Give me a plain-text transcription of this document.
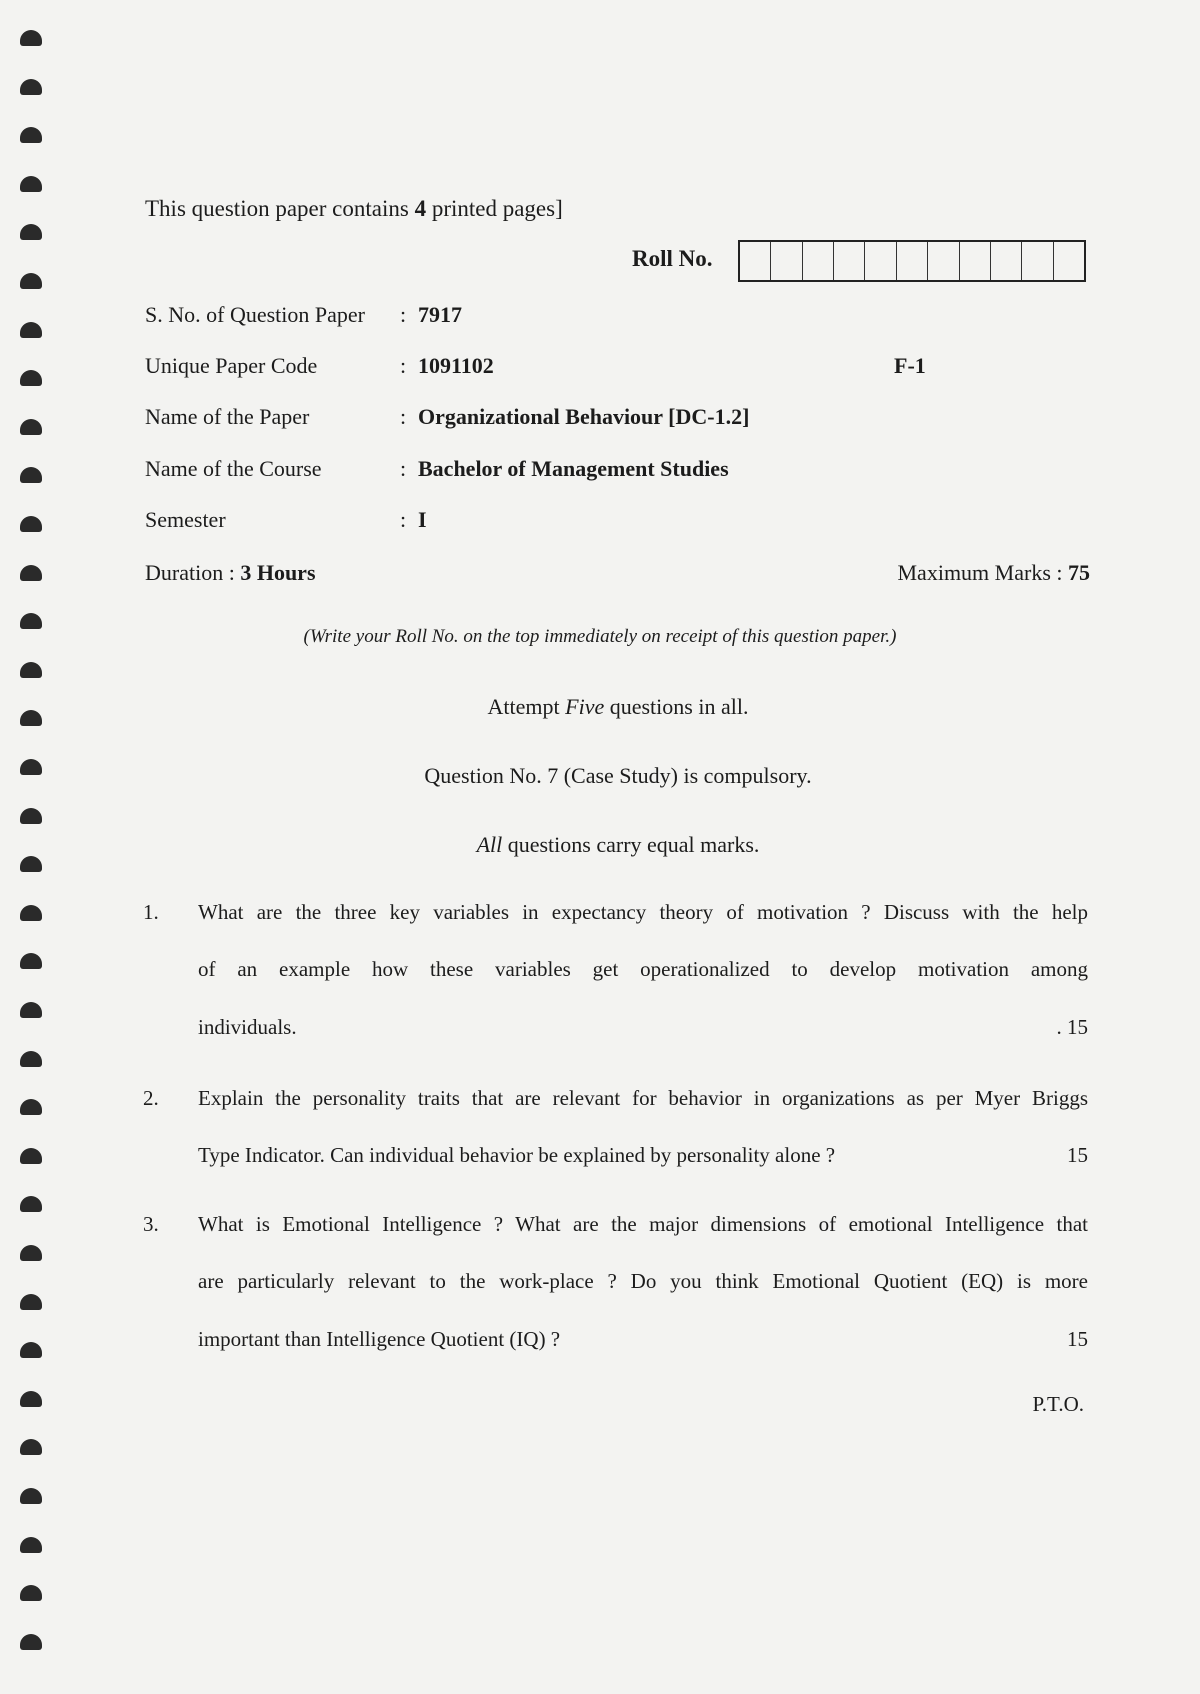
This question paper contains 4 printed pages]
Roll No.
S. No. of Question Paper : 7917
Unique Paper Code	: 1091102	F-1
Name of the Paper	: Organizational Behaviour [DC-1.2]
Name of the Course	: Bachelor of Management Studies
Semester	: I
Duration : 3 Hours	Maximum Marks : 75
(Write your Roll No. on the top immediately on receipt of this question paper.)
Attempt Five questions in all.
Question No. 7 (Case Study) is compulsory.
All questions carry equal marks.
1. What are the three key variables in expectancy theory of motivation ? Discuss with the help
of an example how these variables get operationalized to develop motivation among
individuals.	. 15
2. Explain the personality traits that are relevant for behavior in organizations as per Myer Briggs
Type Indicator. Can individual behavior be explained by personality alone ?	15
3. What is Emotional Intelligence ? What are the major dimensions of emotional Intelligence that
are particularly relevant to the work-place ? Do you think Emotional Quotient (EQ) is more
important than Intelligence Quotient (IQ) ?	15
P.T.O.
